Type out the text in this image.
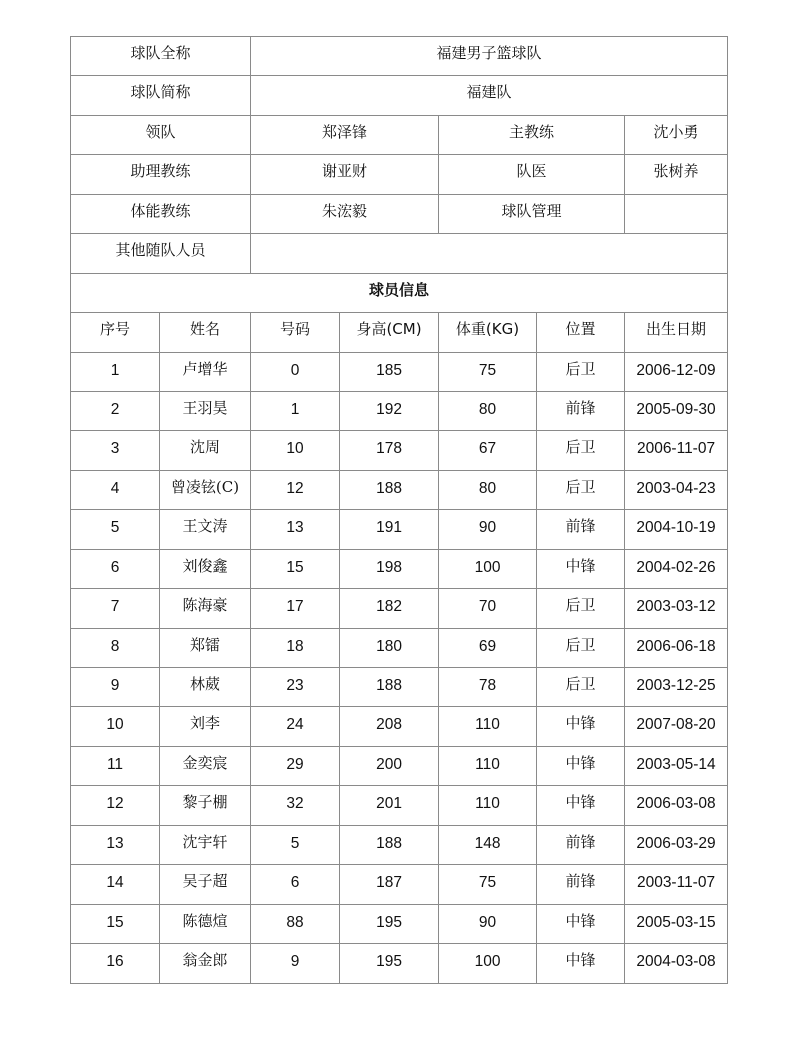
球队全称		福建男子篮球队				
球队简称		福建队				
领队		郑泽锋		主教练		沈小勇
助理教练		谢亚财		队医		张树养
体能教练		朱浤毅		球队管理		
其他随队人员						
球员信息						
序号	姓名	号码	身高(CM)	体重(KG)	位置	出生日期
1	卢增华	0	185	75	后卫	2006-12-09
2	王羽昊	1	192	80	前锋	2005-09-30
3	沈周	10	178	67	后卫	2006-11-07
4	曾凌铉(C)	12	188	80	后卫	2003-04-23
5	王文涛	13	191	90	前锋	2004-10-19
6	刘俊鑫	15	198	100	中锋	2004-02-26
7	陈海豪	17	182	70	后卫	2003-03-12
8	郑镭	18	180	69	后卫	2006-06-18
9	林葳	23	188	78	后卫	2003-12-25
10	刘李	24	208	110	中锋	2007-08-20
11	金奕宸	29	200	110	中锋	2003-05-14
12	黎子棚	32	201	110	中锋	2006-03-08
13	沈宇轩	5	188	148	前锋	2006-03-29
14	吴子超	6	187	75	前锋	2003-11-07
15	陈德煊	88	195	90	中锋	2005-03-15
16	翁金郎	9	195	100	中锋	2004-03-08
